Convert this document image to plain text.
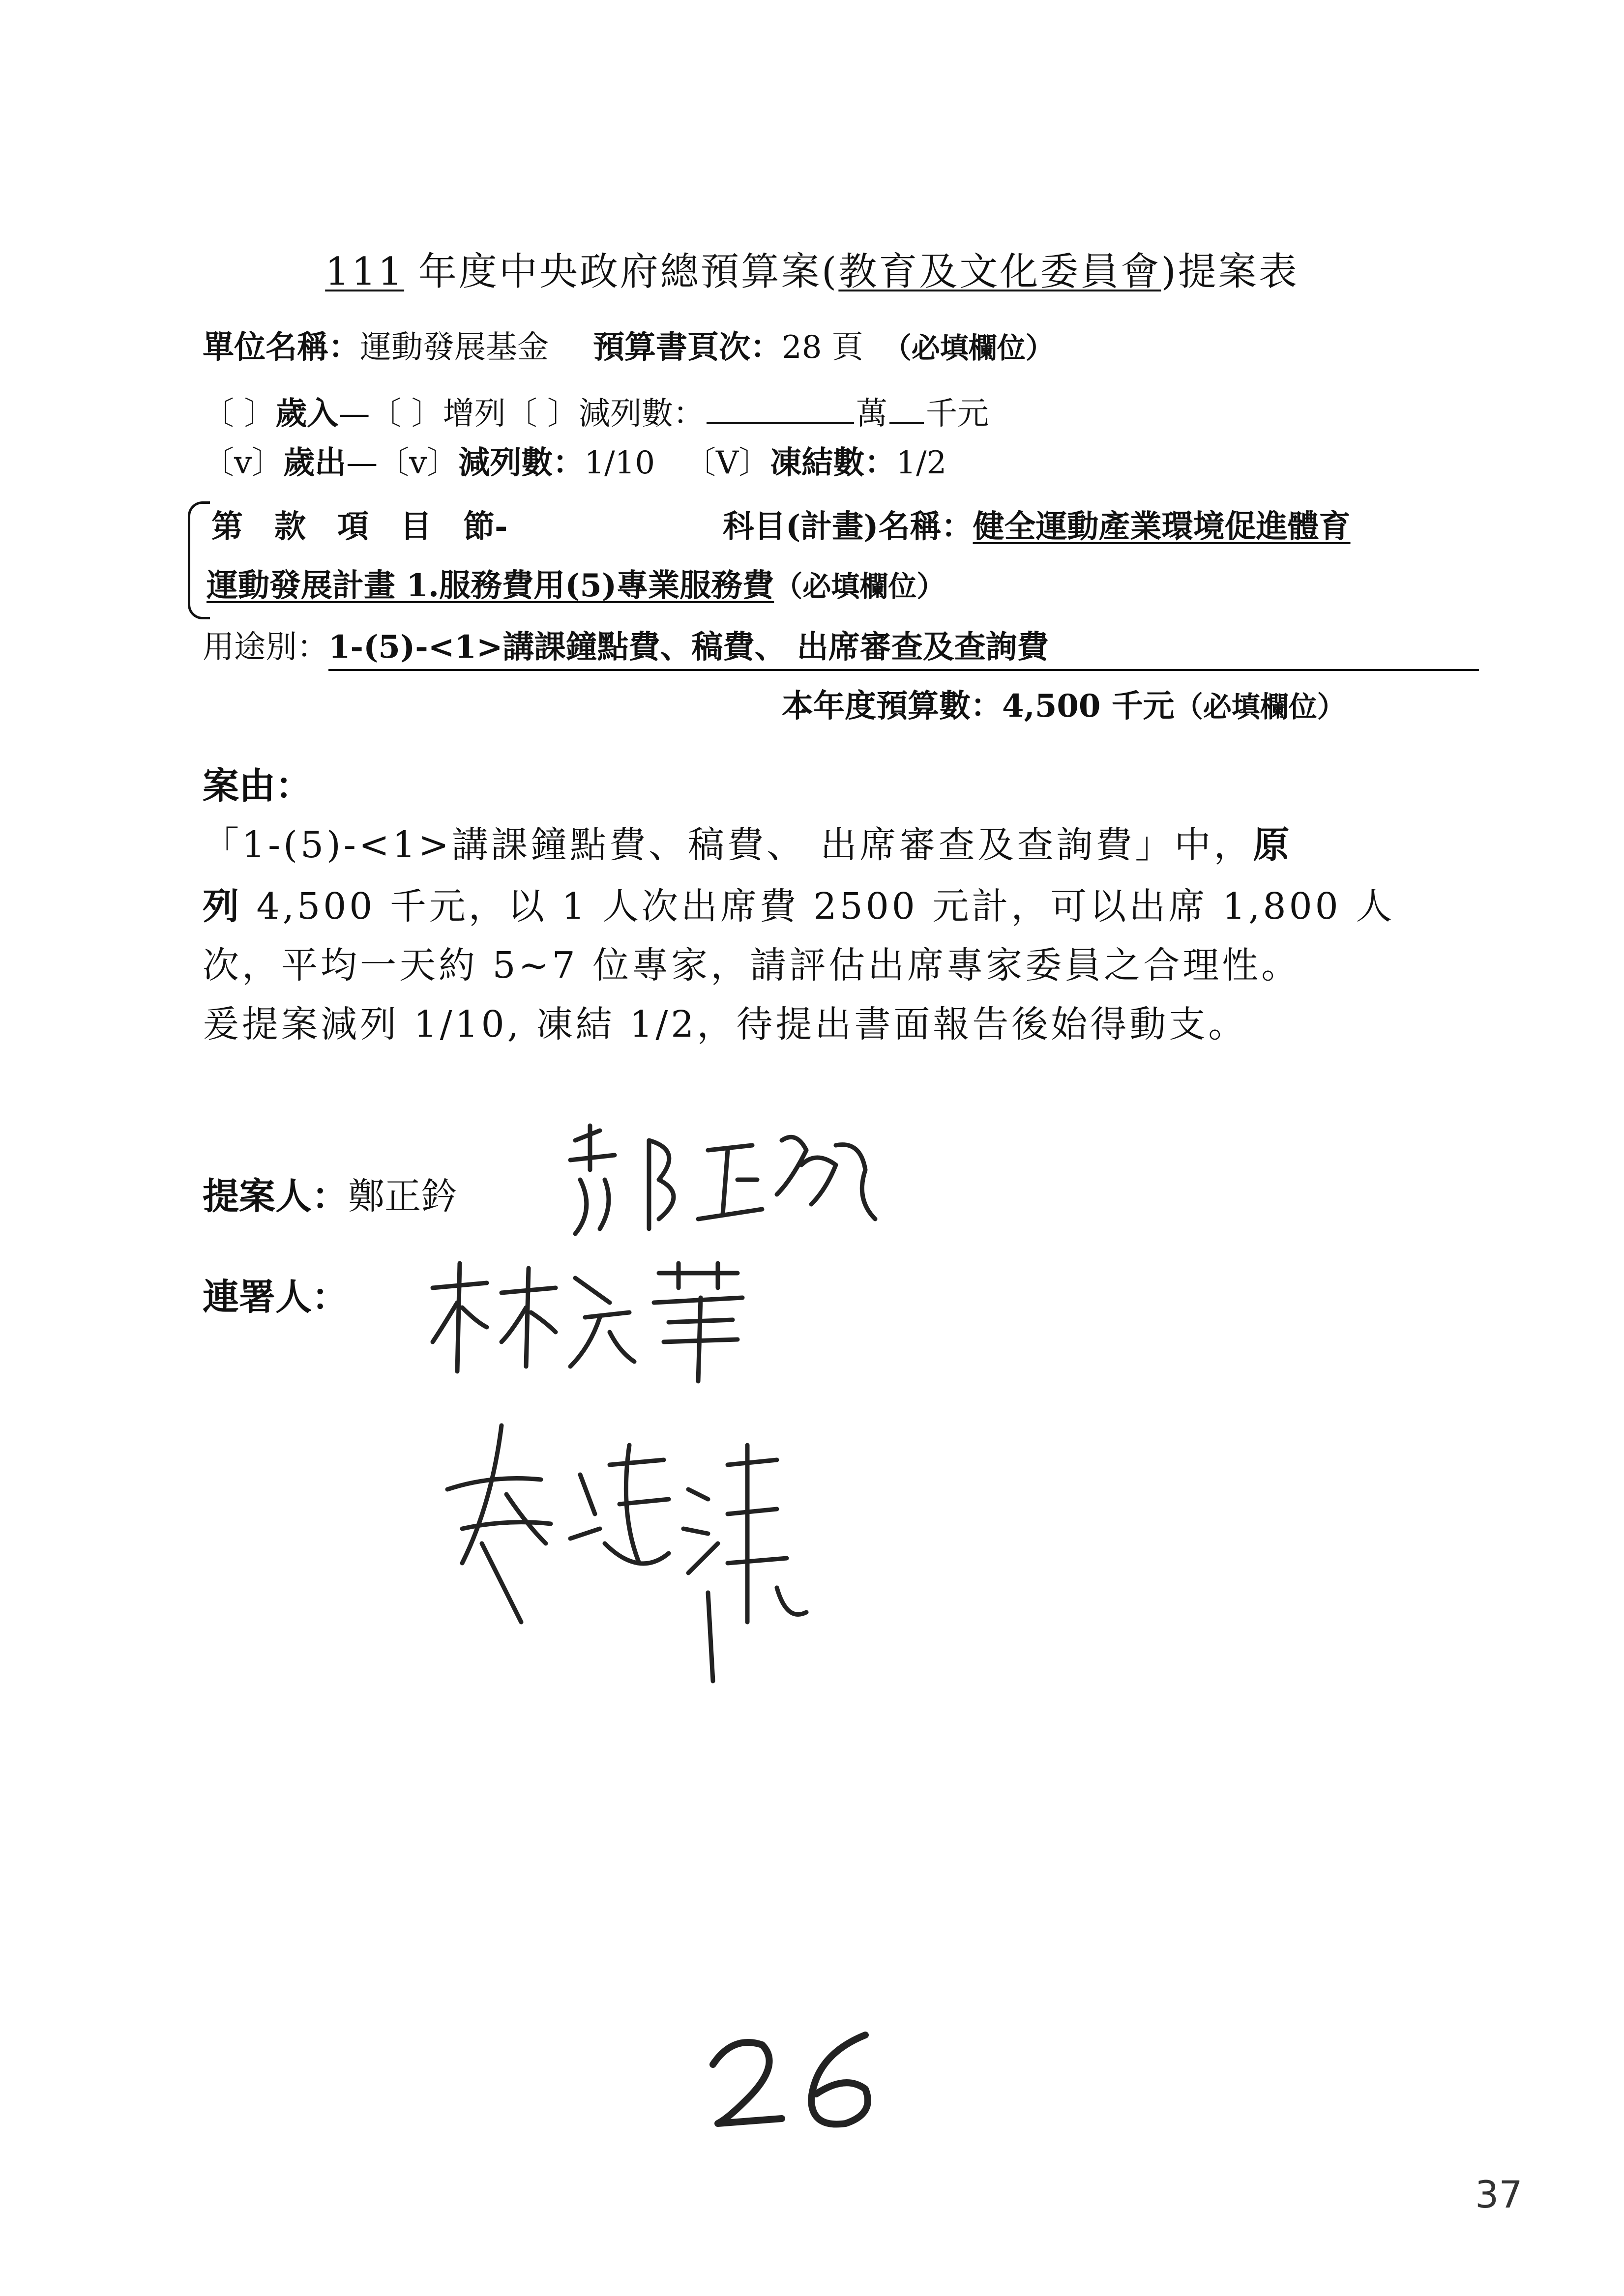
111 年度中央政府總預算案(教育及文化委員會)提案表
單位名稱：運動發展基金 預算書頁次：28 頁 （必填欄位）
〔 〕歲入—〔 〕增列〔 〕減列數：	萬 千元
〔v〕歲出—〔v〕減列數：1/10 〔V〕凍結數：1/2
第　款　項　目　節-	科目(計畫)名稱：健全運動產業環境促進體育
運動發展計畫 1.服務費用(5)專業服務費（必填欄位）
用途別：1-(5)-<1>講課鐘點費、稿費、 出席審查及查詢費
本年度預算數：4,500 千元（必填欄位）
案由：
「1-(5)-<1>講課鐘點費、稿費、 出席審查及查詢費」中，原
列 4,500 千元，以 1 人次出席費 2500 元計，可以出席 1,800 人
次，平均一天約 5~7 位專家，請評估出席專家委員之合理性。
爰提案減列 1/10, 凍結 1/2，待提出書面報告後始得動支。
提案人：鄭正鈐
連署人：
37
